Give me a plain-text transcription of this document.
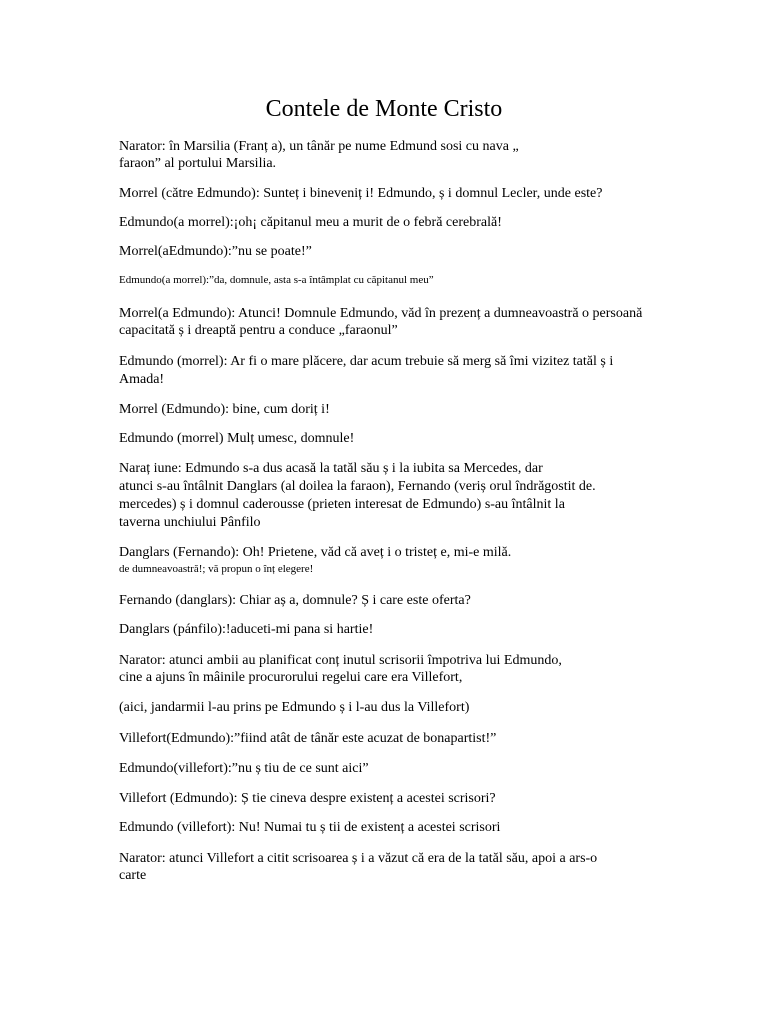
Contele de Monte Cristo
Narator: în Marsilia (Franț a), un tânăr pe nume Edmund sosi cu nava „
faraon” al portului Marsilia.
Morrel (către Edmundo): Sunteț i bineveniț i! Edmundo, ș i domnul Lecler, unde este?
Edmundo(a morrel):¡oh¡ căpitanul meu a murit de o febră cerebrală!
Morrel(aEdmundo):”nu se poate!”
Edmundo(a morrel):”da, domnule, asta s-a întâmplat cu căpitanul meu”
Morrel(a Edmundo): Atunci! Domnule Edmundo, văd în prezenț a dumneavoastră o persoană
capacitată ș i dreaptă pentru a conduce „faraonul”
Edmundo (morrel): Ar fi o mare plăcere, dar acum trebuie să merg să îmi vizitez tatăl ș i
Amada!
Morrel (Edmundo): bine, cum doriț i!
Edmundo (morrel) Mulț umesc, domnule!
Naraț iune: Edmundo s-a dus acasă la tatăl său ș i la iubita sa Mercedes, dar
atunci s-au întâlnit Danglars (al doilea la faraon), Fernando (veriș orul îndrăgostit de.
mercedes) ș i domnul caderousse (prieten interesat de Edmundo) s-au întâlnit la
taverna unchiului Pânfilo
Danglars (Fernando): Oh! Prietene, văd că aveț i o tristeț e, mi-e milă.
de dumneavoastră!; vă propun o înț elegere!
Fernando (danglars): Chiar aș a, domnule? Ș i care este oferta?
Danglars (pánfilo):!aduceti-mi pana si hartie!
Narator: atunci ambii au planificat conț inutul scrisorii împotriva lui Edmundo,
cine a ajuns în mâinile procurorului regelui care era Villefort,
(aici, jandarmii l-au prins pe Edmundo ș i l-au dus la Villefort)
Villefort(Edmundo):”fiind atât de tânăr este acuzat de bonapartist!”
Edmundo(villefort):”nu ș tiu de ce sunt aici”
Villefort (Edmundo): Ș tie cineva despre existenț a acestei scrisori?
Edmundo (villefort): Nu! Numai tu ș tii de existenț a acestei scrisori
Narator: atunci Villefort a citit scrisoarea ș i a văzut că era de la tatăl său, apoi a ars-o
carte
